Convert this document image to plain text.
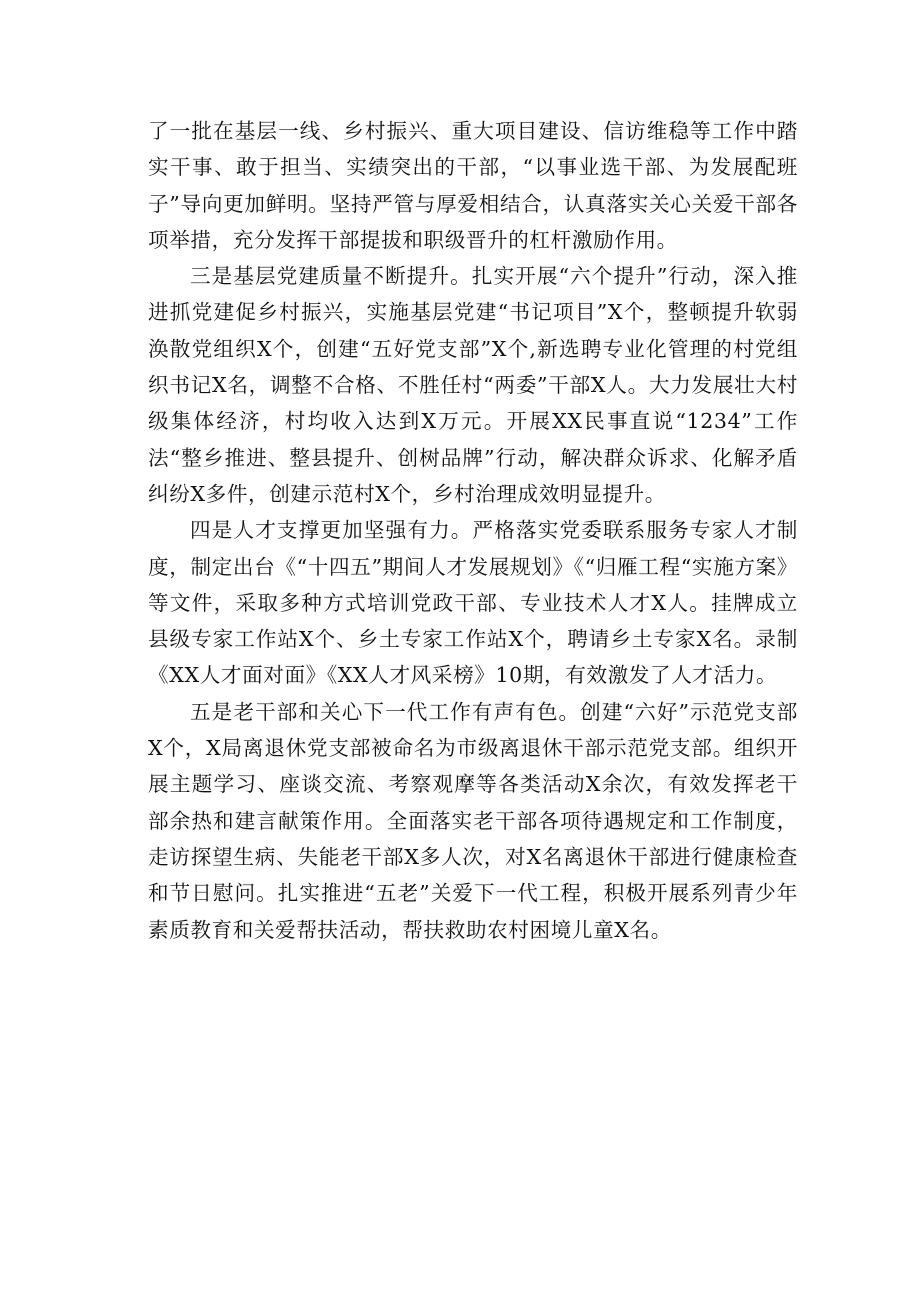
了一批在基层一线、乡村振兴、重大项目建设、信访维稳等工作中踏实干事、敢于担当、实绩突出的干部，“以事业选干部、为发展配班子”导向更加鲜明。坚持严管与厚爱相结合，认真落实关心关爱干部各项举措，充分发挥干部提拔和职级晋升的杠杆激励作用。

三是基层党建质量不断提升。扎实开展“六个提升”行动，深入推进抓党建促乡村振兴，实施基层党建“书记项目”X个，整顿提升软弱涣散党组织X个，创建“五好党支部”X个,新选聘专业化管理的村党组织书记X名，调整不合格、不胜任村“两委”干部X人。大力发展壮大村级集体经济，村均收入达到X万元。开展XX民事直说“1234”工作法“整乡推进、整县提升、创树品牌”行动，解决群众诉求、化解矛盾纠纷X多件，创建示范村X个，乡村治理成效明显提升。

四是人才支撑更加坚强有力。严格落实党委联系服务专家人才制度，制定出台《“十四五”期间人才发展规划》《“归雁工程“实施方案》等文件，采取多种方式培训党政干部、专业技术人才X人。挂牌成立县级专家工作站X个、乡土专家工作站X个，聘请乡土专家X名。录制《XX人才面对面》《XX人才风采榜》10期，有效激发了人才活力。

五是老干部和关心下一代工作有声有色。创建“六好”示范党支部X个，X局离退休党支部被命名为市级离退休干部示范党支部。组织开展主题学习、座谈交流、考察观摩等各类活动X余次，有效发挥老干部余热和建言献策作用。全面落实老干部各项待遇规定和工作制度，走访探望生病、失能老干部X多人次，对X名离退休干部进行健康检查和节日慰问。扎实推进“五老”关爱下一代工程，积极开展系列青少年素质教育和关爱帮扶活动，帮扶救助农村困境儿童X名。
